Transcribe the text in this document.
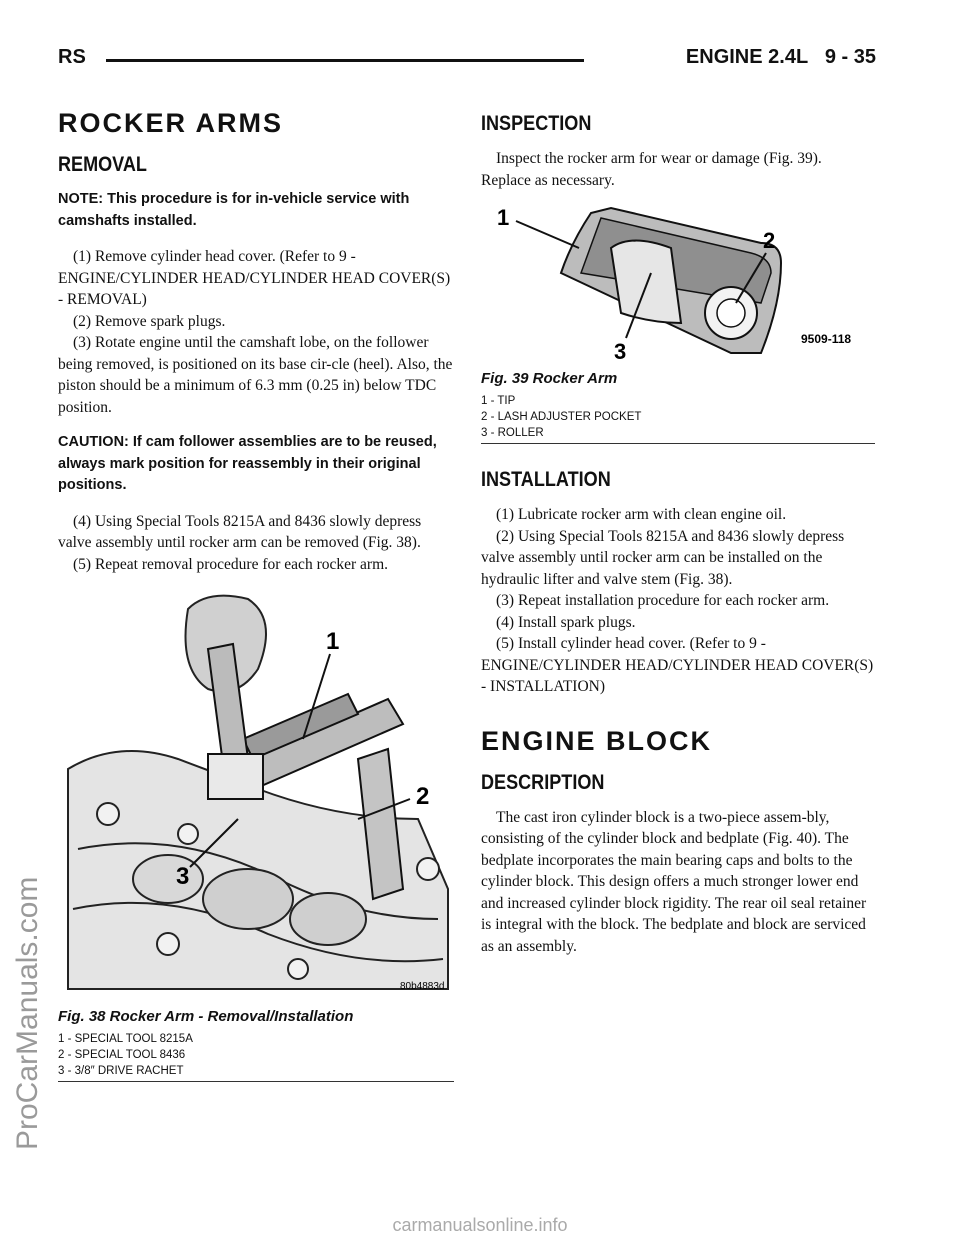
ProCarManuals.com
carmanualsonline.info
RS	ENGINE 2.4L 9 - 35
ROCKER ARMS
REMOVAL

NOTE: This procedure is for in-vehicle service with camshafts installed.

(1) Remove cylinder head cover. (Refer to 9 - ENGINE/CYLINDER HEAD/CYLINDER HEAD COVER(S) - REMOVAL)

(2) Remove spark plugs.

(3) Rotate engine until the camshaft lobe, on the follower being removed, is positioned on its base cir-cle (heel). Also, the piston should be a minimum of 6.3 mm (0.25 in) below TDC position.

CAUTION: If cam follower assemblies are to be reused, always mark position for reassembly in their original positions.

(4) Using Special Tools 8215A and 8436 slowly depress valve assembly until rocker arm can be removed (Fig. 38).

(5) Repeat removal procedure for each rocker arm.

1
2
3
80b4883d
Fig. 38 Rocker Arm - Removal/Installation
1 - SPECIAL TOOL 8215A
2 - SPECIAL TOOL 8436
3 - 3/8″ DRIVE RACHET
INSPECTION

Inspect the rocker arm for wear or damage (Fig. 39). Replace as necessary.

1
2
3	9509-118
Fig. 39 Rocker Arm
1 - TIP
2 - LASH ADJUSTER POCKET
3 - ROLLER
INSTALLATION

(1) Lubricate rocker arm with clean engine oil.

(2) Using Special Tools 8215A and 8436 slowly depress valve assembly until rocker arm can be installed on the hydraulic lifter and valve stem (Fig. 38).

(3) Repeat installation procedure for each rocker arm.

(4) Install spark plugs.

(5) Install cylinder head cover. (Refer to 9 - ENGINE/CYLINDER HEAD/CYLINDER HEAD COVER(S) - INSTALLATION)

ENGINE BLOCK
DESCRIPTION

The cast iron cylinder block is a two-piece assem-bly, consisting of the cylinder block and bedplate (Fig. 40). The bedplate incorporates the main bearing caps and bolts to the cylinder block. This design offers a much stronger lower end and increased cylinder block rigidity. The rear oil seal retainer is integral with the block. The bedplate and block are serviced as an assembly.
